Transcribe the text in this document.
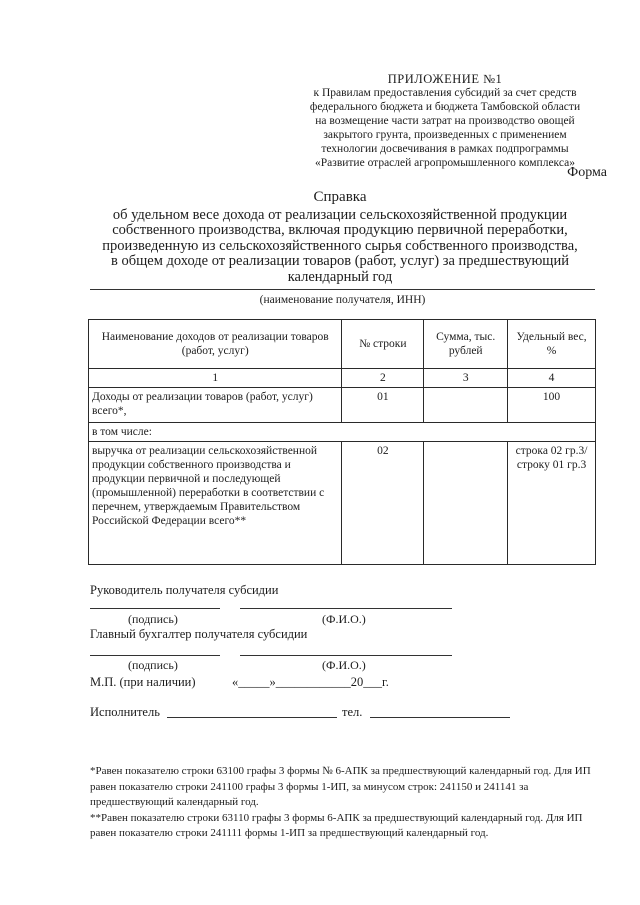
ПРИЛОЖЕНИЕ №1
к Правилам предоставления субсидий за счет средств
федерального бюджета и бюджета Тамбовской области
на возмещение части затрат на производство овощей
закрытого грунта, произведенных с применением
технологии досвечивания в рамках подпрограммы
«Развитие отраслей агропромышленного комплекса»
Форма
Справка
об удельном весе дохода от реализации сельскохозяйственной продукции
собственного производства, включая продукцию первичной переработки,
произведенную из сельскохозяйственного сырья собственного производства,
в общем доходе от реализации товаров (работ, услуг) за предшествующий
календарный год
(наименование получателя, ИНН)
Наименование доходов от реализации товаров (работ, услуг)	№ строки	Сумма, тыс. рублей	Удельный вес, %
1	2	3	4
Доходы от реализации товаров (работ, услуг) всего*,	01		100
в том числе:			
выручка от реализации сельскохозяйственной продукции собственного производства и продукции первичной и последующей (промышленной) переработки в соответствии с перечнем, утверждаемым Правительством Российской Федерации всего**	02		строка 02 гр.3/ строку 01 гр.3
Руководитель получателя субсидии
(подпись)	(Ф.И.О.)
Главный бухгалтер получателя субсидии
(подпись)	(Ф.И.О.)
М.П. (при наличии)	«_____»____________20___г.
Исполнитель	тел.

*Равен показателю строки 63100 графы 3 формы № 6-АПК за предшествующий календарный год. Для ИП равен показателю строки 241100 графы 3 формы 1-ИП, за минусом строк: 241150 и 241141 за предшествующий календарный год.

**Равен показателю строки 63110 графы 3 формы 6-АПК за предшествующий календарный год. Для ИП равен показателю строки 241111 формы 1-ИП за предшествующий календарный год.
